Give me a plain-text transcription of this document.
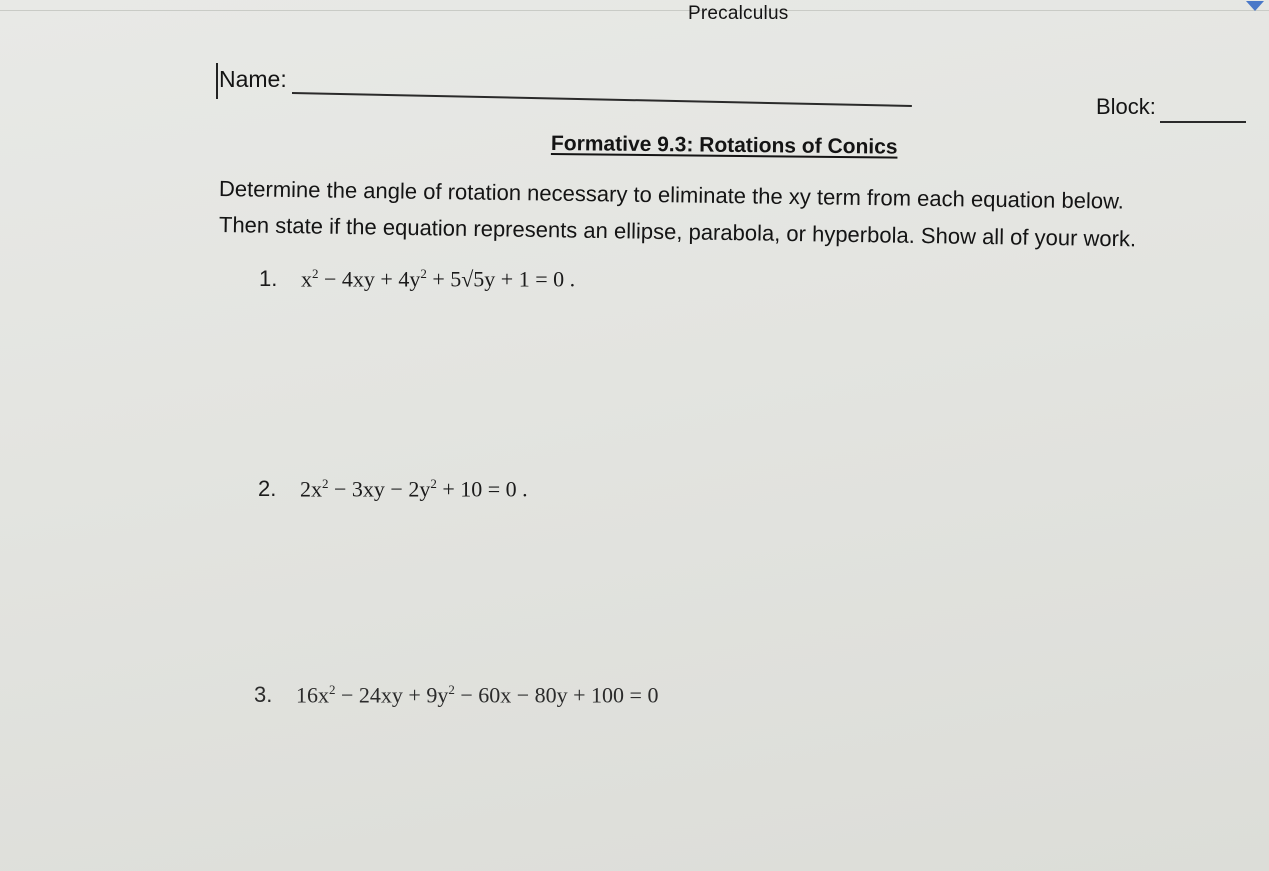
Precalculus
Name:
Block:
Formative 9.3: Rotations of Conics
Determine the angle of rotation necessary to eliminate the xy term from each equation below.
Then state if the equation represents an ellipse, parabola, or hyperbola. Show all of your work.
1. $x^2 - 4xy + 4y^2 + 5√5y + 1 = 0$ .
2. $2x^2 - 3xy - 2y^2 + 10 = 0$ .
3. $16x^2 - 24xy + 9y^2 - 60x - 80y + 100 = 0$
